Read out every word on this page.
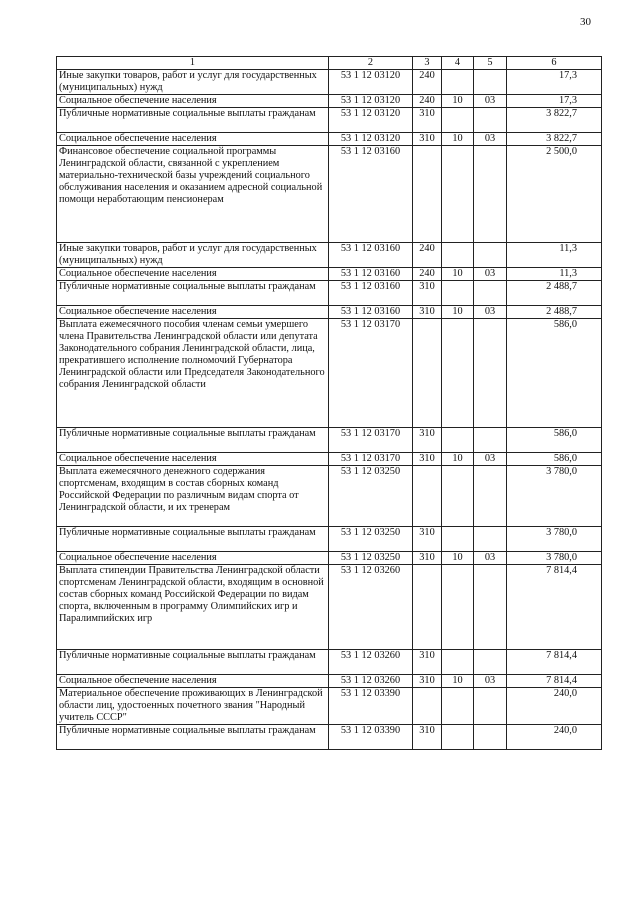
30
1	2	3	4	5	6
Иные закупки товаров, работ и услуг для государственных (муниципальных) нужд	53 1 12 03120	240			17,3
Социальное обеспечение населения	53 1 12 03120	240	10	03	17,3
Публичные нормативные социальные выплаты гражданам	53 1 12 03120	310			3 822,7
Социальное обеспечение населения	53 1 12 03120	310	10	03	3 822,7
Финансовое обеспечение социальной программы Ленинградской области, связанной с укреплением материально-технической базы учреждений социального обслуживания населения и оказанием адресной социальной помощи неработающим пенсионерам	53 1 12 03160				2 500,0
Иные закупки товаров, работ и услуг для государственных (муниципальных) нужд	53 1 12 03160	240			11,3
Социальное обеспечение населения	53 1 12 03160	240	10	03	11,3
Публичные нормативные социальные выплаты гражданам	53 1 12 03160	310			2 488,7
Социальное обеспечение населения	53 1 12 03160	310	10	03	2 488,7
Выплата ежемесячного пособия членам семьи умершего члена Правительства Ленинградской области или депутата Законодательного собрания Ленинградской области, лица, прекратившего исполнение полномочий Губернатора Ленинградской области или Председателя Законодательного собрания Ленинградской области	53 1 12 03170				586,0
Публичные нормативные социальные выплаты гражданам	53 1 12 03170	310			586,0
Социальное обеспечение населения	53 1 12 03170	310	10	03	586,0
Выплата ежемесячного денежного содержания спортсменам, входящим в состав сборных команд Российской Федерации по различным видам спорта от Ленинградской области, и их тренерам	53 1 12 03250				3 780,0
Публичные нормативные социальные выплаты гражданам	53 1 12 03250	310			3 780,0
Социальное обеспечение населения	53 1 12 03250	310	10	03	3 780,0
Выплата стипендии Правительства Ленинградской области спортсменам Ленинградской области, входящим в основной состав сборных команд Российской Федерации по видам спорта, включенным в программу Олимпийских игр и Паралимпийских игр	53 1 12 03260				7 814,4
Публичные нормативные социальные выплаты гражданам	53 1 12 03260	310			7 814,4
Социальное обеспечение населения	53 1 12 03260	310	10	03	7 814,4
Материальное обеспечение проживающих в Ленинградской области лиц, удостоенных почетного звания "Народный учитель СССР"	53 1 12 03390				240,0
Публичные нормативные социальные выплаты гражданам	53 1 12 03390	310			240,0
